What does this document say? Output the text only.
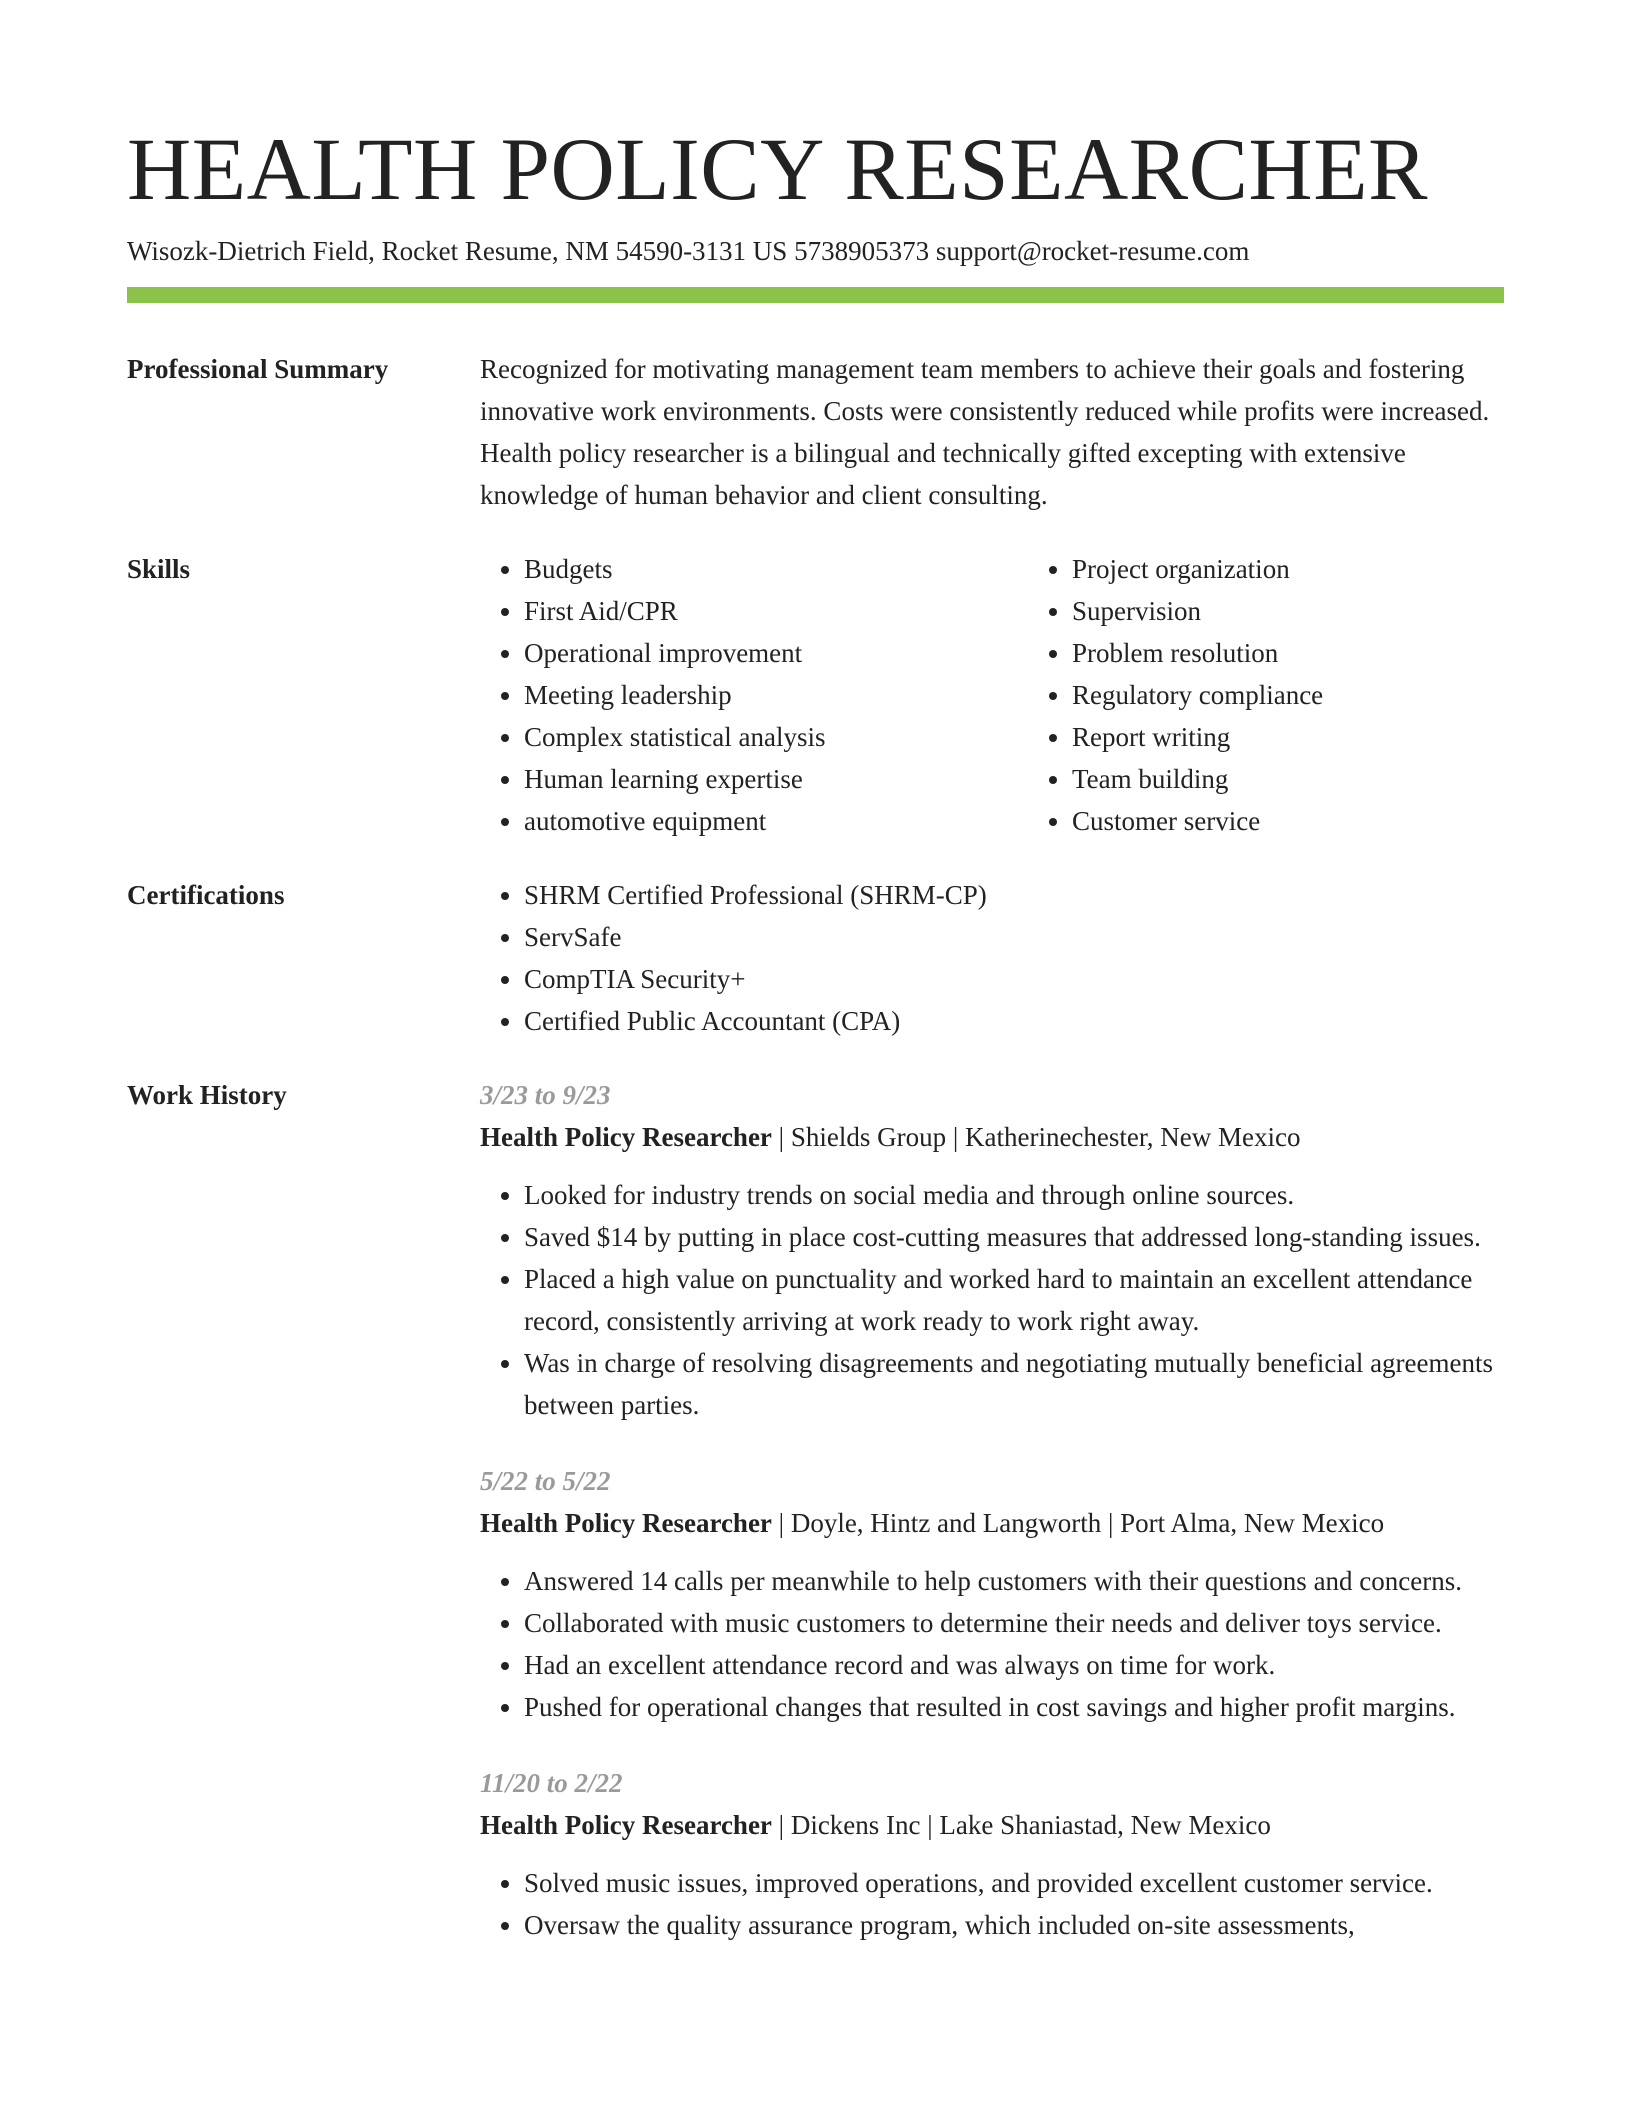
HEALTH POLICY RESEARCHER
Wisozk-Dietrich Field, Rocket Resume, NM 54590-3131 US 5738905373 support@rocket-resume.com
Professional Summary	Recognized for motivating management team members to achieve their goals and fostering innovative work environments. Costs were consistently reduced while profits were increased. Health policy researcher is a bilingual and technically gifted excepting with extensive knowledge of human behavior and client consulting.

Skills	• Budgets
• First Aid/CPR
• Operational improvement
• Meeting leadership
• Complex statistical analysis
• Human learning expertise
• automotive equipment
• Project organization
• Supervision
• Problem resolution
• Regulatory compliance
• Report writing
• Team building
• Customer service
Certifications	• SHRM Certified Professional (SHRM-CP)
• ServSafe
• CompTIA Security+
• Certified Public Accountant (CPA)
Work History	3/23 to 9/23
Health Policy Researcher | Shields Group | Katherinechester, New Mexico
• Looked for industry trends on social media and through online sources.
• Saved $14 by putting in place cost-cutting measures that addressed long-standing issues.
• Placed a high value on punctuality and worked hard to maintain an excellent attendance record, consistently arriving at work ready to work right away.
• Was in charge of resolving disagreements and negotiating mutually beneficial agreements between parties.
5/22 to 5/22
Health Policy Researcher | Doyle, Hintz and Langworth | Port Alma, New Mexico
• Answered 14 calls per meanwhile to help customers with their questions and concerns.
• Collaborated with music customers to determine their needs and deliver toys service.
• Had an excellent attendance record and was always on time for work.
• Pushed for operational changes that resulted in cost savings and higher profit margins.
11/20 to 2/22
Health Policy Researcher | Dickens Inc | Lake Shaniastad, New Mexico
• Solved music issues, improved operations, and provided excellent customer service.
• Oversaw the quality assurance program, which included on-site assessments,
